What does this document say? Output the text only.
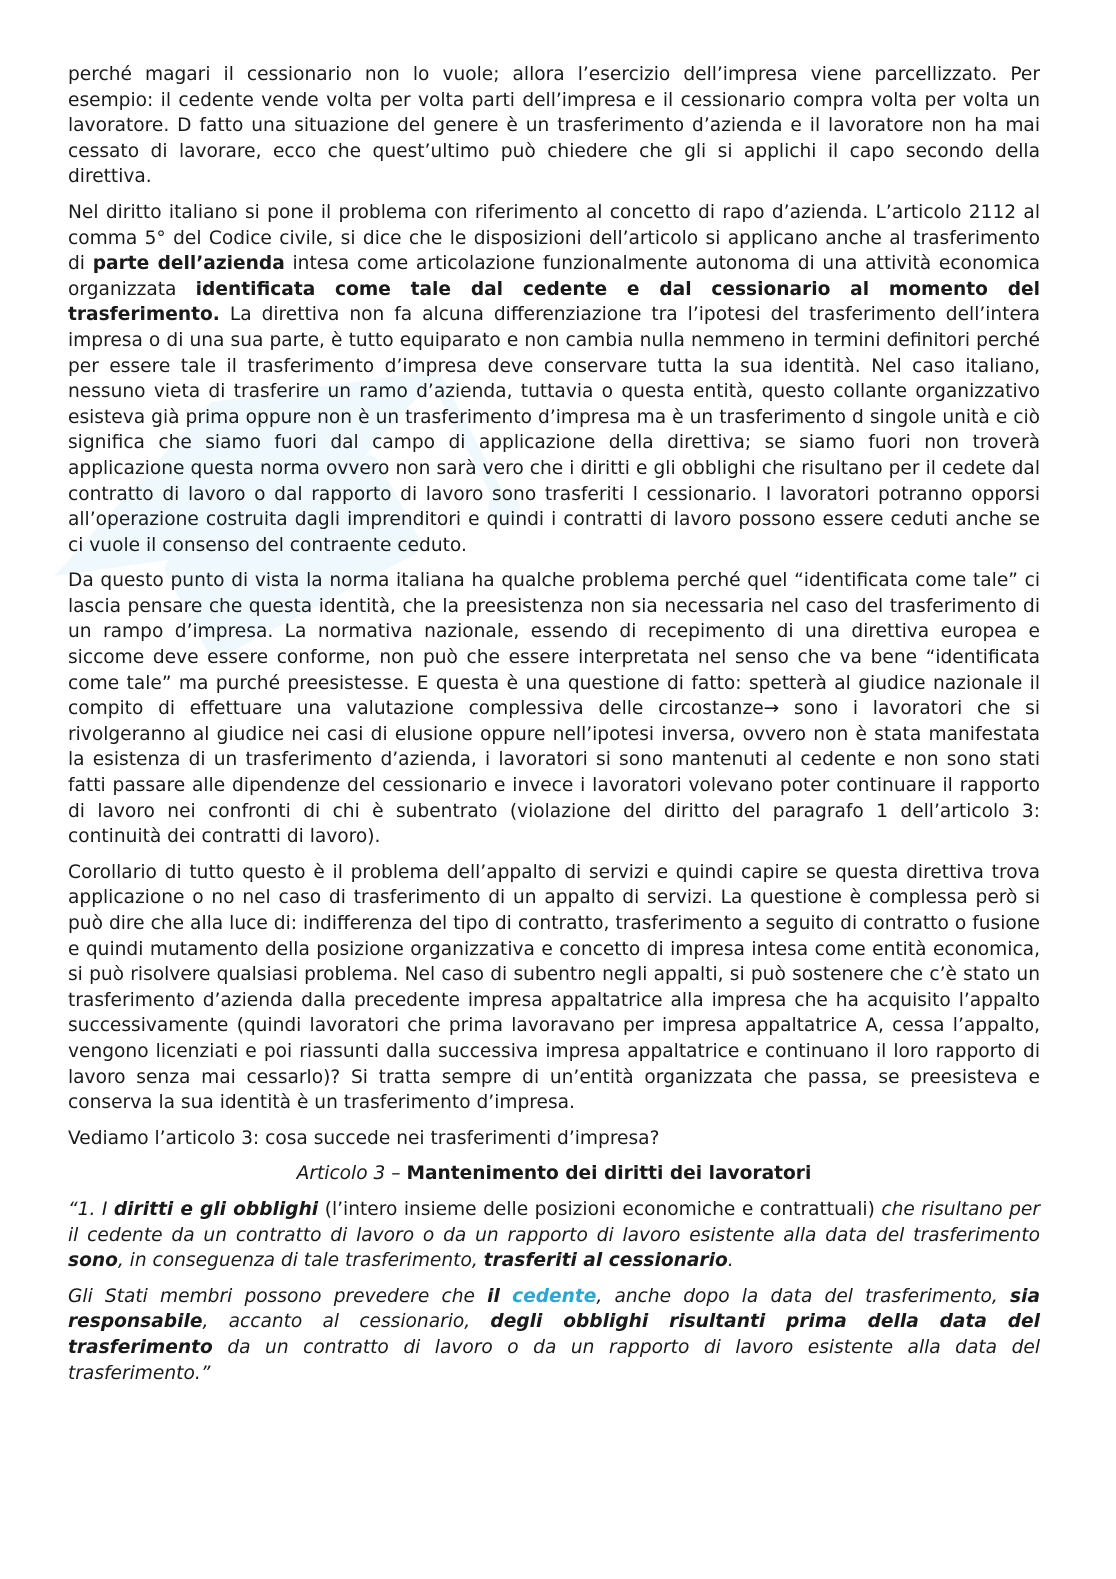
perché magari il cessionario non lo vuole; allora l’esercizio dell’impresa viene parcellizzato. Per esempio: il cedente vende volta per volta parti dell’impresa e il cessionario compra volta per volta un lavoratore. D fatto una situazione del genere è un trasferimento d’azienda e il lavoratore non ha mai cessato di lavorare, ecco che quest’ultimo può chiedere che gli si applichi il capo secondo della direttiva.

Nel diritto italiano si pone il problema con riferimento al concetto di rapo d’azienda. L’articolo 2112 al comma 5° del Codice civile, si dice che le disposizioni dell’articolo si applicano anche al trasferimento di parte dell’azienda intesa come articolazione funzionalmente autonoma di una attività economica organizzata identificata come tale dal cedente e dal cessionario al momento del trasferimento. La direttiva non fa alcuna differenziazione tra l’ipotesi del trasferimento dell’intera impresa o di una sua parte, è tutto equiparato e non cambia nulla nemmeno in termini definitori perché per essere tale il trasferimento d’impresa deve conservare tutta la sua identità. Nel caso italiano, nessuno vieta di trasferire un ramo d’azienda, tuttavia o questa entità, questo collante organizzativo esisteva già prima oppure non è un trasferimento d’impresa ma è un trasferimento d singole unità e ciò significa che siamo fuori dal campo di applicazione della direttiva; se siamo fuori non troverà applicazione questa norma ovvero non sarà vero che i diritti e gli obblighi che risultano per il cedete dal contratto di lavoro o dal rapporto di lavoro sono trasferiti l cessionario. I lavoratori potranno opporsi all’operazione costruita dagli imprenditori e quindi i contratti di lavoro possono essere ceduti anche se ci vuole il consenso del contraente ceduto.

Da questo punto di vista la norma italiana ha qualche problema perché quel “identificata come tale” ci lascia pensare che questa identità, che la preesistenza non sia necessaria nel caso del trasferimento di un rampo d’impresa. La normativa nazionale, essendo di recepimento di una direttiva europea e siccome deve essere conforme, non può che essere interpretata nel senso che va bene “identificata come tale” ma purché preesistesse. E questa è una questione di fatto: spetterà al giudice nazionale il compito di effettuare una valutazione complessiva delle circostanze→ sono i lavoratori che si rivolgeranno al giudice nei casi di elusione oppure nell’ipotesi inversa, ovvero non è stata manifestata la esistenza di un trasferimento d’azienda, i lavoratori si sono mantenuti al cedente e non sono stati fatti passare alle dipendenze del cessionario e invece i lavoratori volevano poter continuare il rapporto di lavoro nei confronti di chi è subentrato (violazione del diritto del paragrafo 1 dell’articolo 3: continuità dei contratti di lavoro).

Corollario di tutto questo è il problema dell’appalto di servizi e quindi capire se questa direttiva trova applicazione o no nel caso di trasferimento di un appalto di servizi. La questione è complessa però si può dire che alla luce di: indifferenza del tipo di contratto, trasferimento a seguito di contratto o fusione e quindi mutamento della posizione organizzativa e concetto di impresa intesa come entità economica, si può risolvere qualsiasi problema. Nel caso di subentro negli appalti, si può sostenere che c’è stato un trasferimento d’azienda dalla precedente impresa appaltatrice alla impresa che ha acquisito l’appalto successivamente (quindi lavoratori che prima lavoravano per impresa appaltatrice A, cessa l’appalto, vengono licenziati e poi riassunti dalla successiva impresa appaltatrice e continuano il loro rapporto di lavoro senza mai cessarlo)? Si tratta sempre di un’entità organizzata che passa, se preesisteva e conserva la sua identità è un trasferimento d’impresa.

Vediamo l’articolo 3: cosa succede nei trasferimenti d’impresa?

Articolo 3 – Mantenimento dei diritti dei lavoratori

“1. I diritti e gli obblighi (l’intero insieme delle posizioni economiche e contrattuali) che risultano per il cedente da un contratto di lavoro o da un rapporto di lavoro esistente alla data del trasferimento sono, in conseguenza di tale trasferimento, trasferiti al cessionario.

Gli Stati membri possono prevedere che il cedente, anche dopo la data del trasferimento, sia responsabile, accanto al cessionario, degli obblighi risultanti prima della data del trasferimento da un contratto di lavoro o da un rapporto di lavoro esistente alla data del trasferimento.”
